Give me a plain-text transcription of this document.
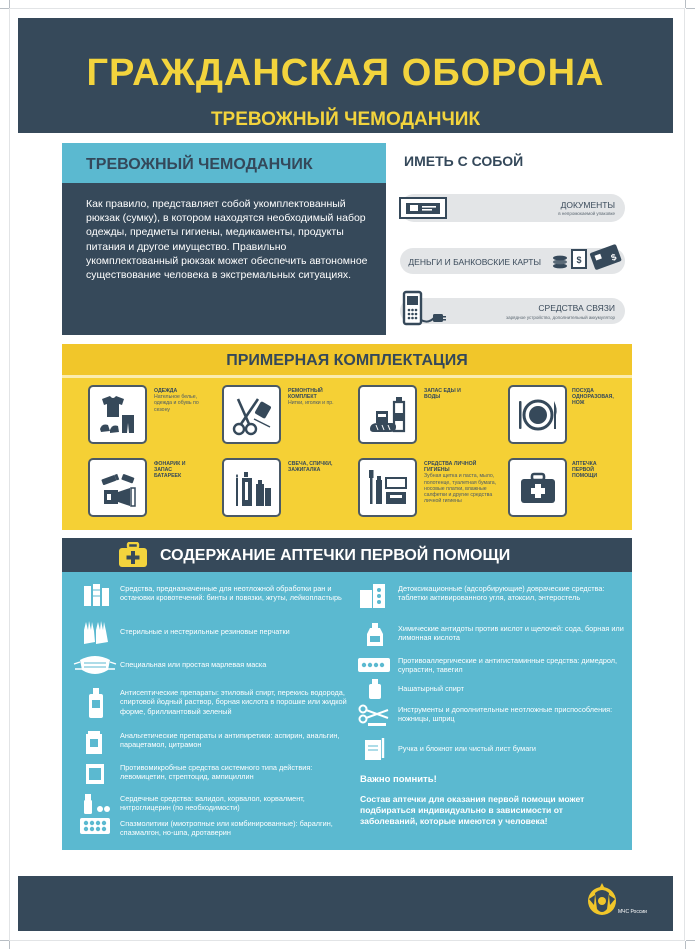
ГРАЖДАНСКАЯ ОБОРОНА
ТРЕВОЖНЫЙ ЧЕМОДАНЧИК
ТРЕВОЖНЫЙ ЧЕМОДАНЧИК

Как правило, представляет собой укомплектованный рюкзак (сумку), в котором находятся необходимый набор одежды, предметы гигиены, медикаменты, продукты питания и другое имущество. Правильно укомплектованный рюкзак может обеспечить автономное существование человека в экстремальных ситуациях.

ИМЕТЬ С СОБОЙ
ДОКУМЕНТЫ
в непромокаемой упаковке
ДЕНЬГИ И БАНКОВСКИЕ КАРТЫ	$	$
СРЕДСТВА СВЯЗИ
зарядное устройство, дополнительный аккумулятор
ПРИМЕРНАЯ КОМПЛЕКТАЦИЯ
ОДЕЖДА
Нательное белье, одежда и обувь по сезону
РЕМОНТНЫЙ КОМПЛЕКТ
Нитки, иголки и пр.
ЗАПАС ЕДЫ И ВОДЫ
ПОСУДА ОДНОРАЗОВАЯ, НОЖ
ФОНАРИК И ЗАПАС БАТАРЕЕК
СВЕЧА, СПИЧКИ, ЗАЖИГАЛКА
СРЕДСТВА ЛИЧНОЙ ГИГИЕНЫ
Зубная щетка и паста, мыло, полотенце, туалетная бумага, носовые платки, влажные салфетки и другие средства личной гигиены
АПТЕЧКА ПЕРВОЙ ПОМОЩИ
СОДЕРЖАНИЕ АПТЕЧКИ ПЕРВОЙ ПОМОЩИ
Средства, предназначенные для неотложной обработки ран и остановки кровотечений: бинты и повязки, жгуты, лейкопластырь
Стерильные и нестерильные резиновые перчатки
Специальная или простая марлевая маска
Антисептические препараты: этиловый спирт, перекись водорода, спиртовой йодный раствор, борная кислота в порошке или жидкой форме, бриллиантовый зеленый
Анальгетические препараты и антипиретики: аспирин, анальгин, парацетамол, цитрамон
Противомикробные средства системного типа действия: левомицетин, стрептоцид, ампициллин
Сердечные средства: валидол, корвалол, корвалмент, нитроглицерин (по необходимости)
Спазмолитики (миотропные или комбинированные): баралгин, спазмалгон, но-шпа, дротаверин
Детоксикационные (адсорбирующие) довраческие средства: таблетки активированного угля, атоксил, энтеростель
Химические антидоты против кислот и щелочей: сода, борная или лимонная кислота
Противоаллергические и антигистаминные средства: димедрол, супрастин, тавегил
Нашатырный спирт
Инструменты и дополнительные неотложные приспособления: ножницы, шприц
Ручка и блокнот или чистый лист бумаги
Важно помнить!
Состав аптечки для оказания первой помощи может подбираться индивидуально в зависимости от заболеваний, которые имеются у человека!
МЧС России
